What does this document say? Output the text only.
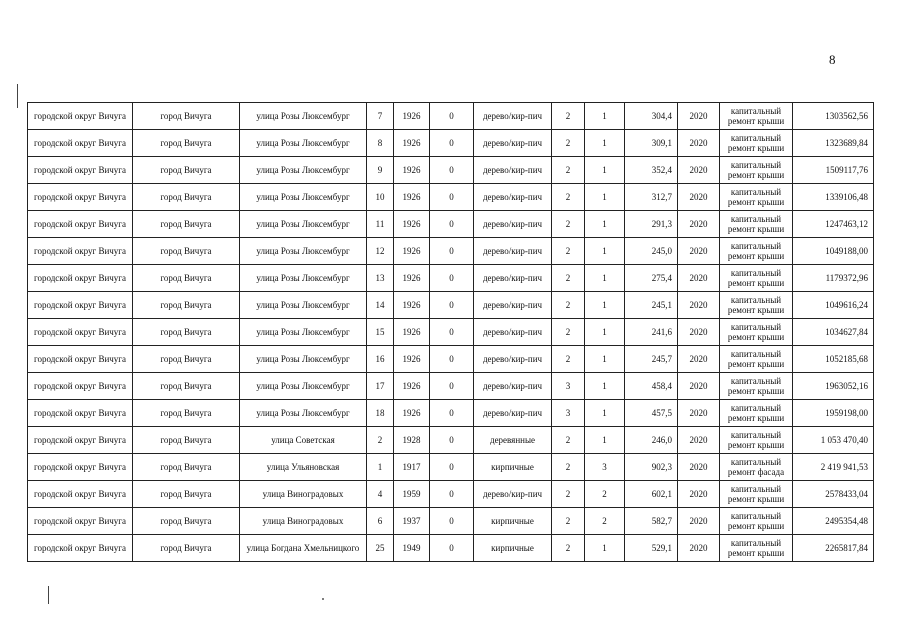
8
городской округ Вичуга	город Вичуга	улица Розы Люксембург	7	1926	0	дерево/кир-пич	2	1	304,4	2020	капитальный ремонт крыши	1303562,56
городской округ Вичуга	город Вичуга	улица Розы Люксембург	8	1926	0	дерево/кир-пич	2	1	309,1	2020	капитальный ремонт крыши	1323689,84
городской округ Вичуга	город Вичуга	улица Розы Люксембург	9	1926	0	дерево/кир-пич	2	1	352,4	2020	капитальный ремонт крыши	1509117,76
городской округ Вичуга	город Вичуга	улица Розы Люксембург	10	1926	0	дерево/кир-пич	2	1	312,7	2020	капитальный ремонт крыши	1339106,48
городской округ Вичуга	город Вичуга	улица Розы Люксембург	11	1926	0	дерево/кир-пич	2	1	291,3	2020	капитальный ремонт крыши	1247463,12
городской округ Вичуга	город Вичуга	улица Розы Люксембург	12	1926	0	дерево/кир-пич	2	1	245,0	2020	капитальный ремонт крыши	1049188,00
городской округ Вичуга	город Вичуга	улица Розы Люксембург	13	1926	0	дерево/кир-пич	2	1	275,4	2020	капитальный ремонт крыши	1179372,96
городской округ Вичуга	город Вичуга	улица Розы Люксембург	14	1926	0	дерево/кир-пич	2	1	245,1	2020	капитальный ремонт крыши	1049616,24
городской округ Вичуга	город Вичуга	улица Розы Люксембург	15	1926	0	дерево/кир-пич	2	1	241,6	2020	капитальный ремонт крыши	1034627,84
городской округ Вичуга	город Вичуга	улица Розы Люксембург	16	1926	0	дерево/кир-пич	2	1	245,7	2020	капитальный ремонт крыши	1052185,68
городской округ Вичуга	город Вичуга	улица Розы Люксембург	17	1926	0	дерево/кир-пич	3	1	458,4	2020	капитальный ремонт крыши	1963052,16
городской округ Вичуга	город Вичуга	улица Розы Люксембург	18	1926	0	дерево/кир-пич	3	1	457,5	2020	капитальный ремонт крыши	1959198,00
городской округ Вичуга	город Вичуга	улица Советская	2	1928	0	деревянные	2	1	246,0	2020	капитальный ремонт крыши	1 053 470,40
городской округ Вичуга	город Вичуга	улица Ульяновская	1	1917	0	кирпичные	2	3	902,3	2020	капитальный ремонт фасада	2 419 941,53
городской округ Вичуга	город Вичуга	улица Виноградовых	4	1959	0	дерево/кир-пич	2	2	602,1	2020	капитальный ремонт крыши	2578433,04
городской округ Вичуга	город Вичуга	улица Виноградовых	6	1937	0	кирпичные	2	2	582,7	2020	капитальный ремонт крыши	2495354,48
городской округ Вичуга	город Вичуга	улица Богдана Хмельницкого	25	1949	0	кирпичные	2	1	529,1	2020	капитальный ремонт крыши	2265817,84
